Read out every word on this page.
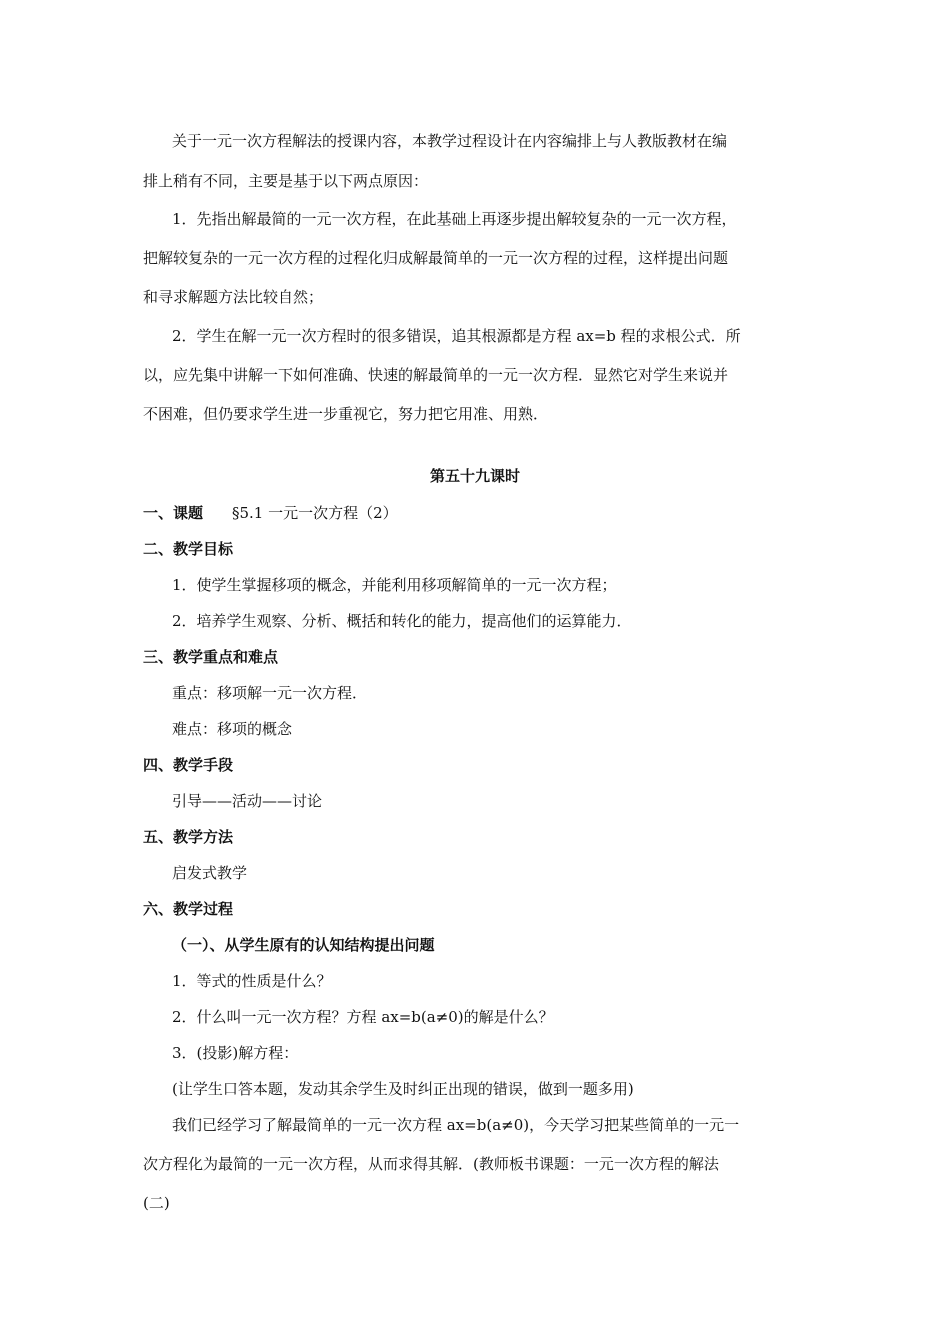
关于一元一次方程解法的授课内容，本教学过程设计在内容编排上与人教版教材在编
排上稍有不同，主要是基于以下两点原因：
1．先指出解最简的一元一次方程，在此基础上再逐步提出解较复杂的一元一次方程，
把解较复杂的一元一次方程的过程化归成解最简单的一元一次方程的过程，这样提出问题
和寻求解题方法比较自然；
2．学生在解一元一次方程时的很多错误，追其根源都是方程 ax=b 程的求根公式．所
以，应先集中讲解一下如何准确、快速的解最简单的一元一次方程．显然它对学生来说并
不困难，但仍要求学生进一步重视它，努力把它用准、用熟．
第五十九课时
一、课题 §5.1 一元一次方程（2）
二、教学目标
1．使学生掌握移项的概念，并能利用移项解简单的一元一次方程；
2．培养学生观察、分析、概括和转化的能力，提高他们的运算能力．
三、教学重点和难点
重点：移项解一元一次方程．
难点：移项的概念
四、教学手段
引导——活动——讨论
五、教学方法
启发式教学
六、教学过程
（一）、从学生原有的认知结构提出问题
1．等式的性质是什么？
2．什么叫一元一次方程？方程 ax=b(a≠0)的解是什么？
3．(投影)解方程：
(让学生口答本题，发动其余学生及时纠正出现的错误，做到一题多用)
我们已经学习了解最简单的一元一次方程 ax=b(a≠0)，今天学习把某些简单的一元一
次方程化为最简的一元一次方程，从而求得其解．(教师板书课题：一元一次方程的解法
(二)
